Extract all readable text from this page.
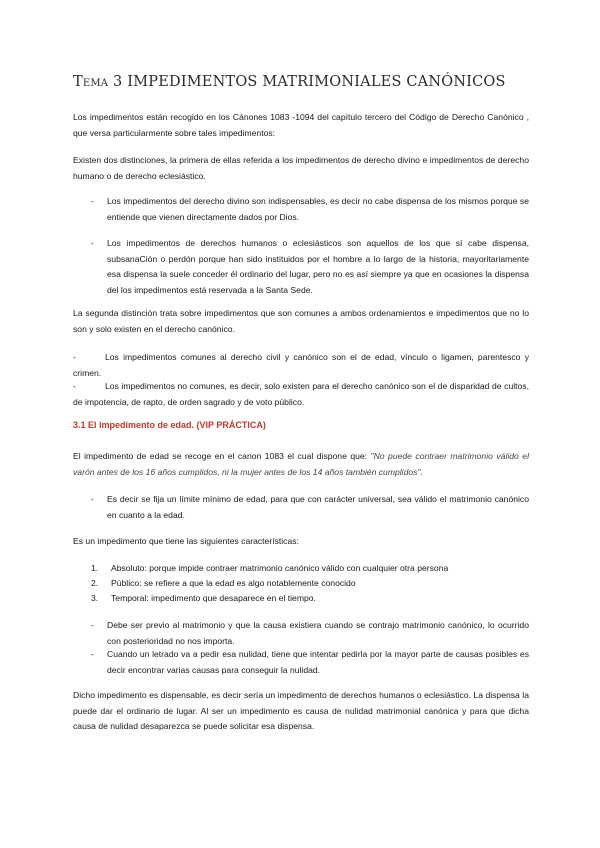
Tema 3 IMPEDIMENTOS MATRIMONIALES CANÓNICOS
Los impedimentos están recogido en los Cánones 1083 -1094 del capítulo tercero del Código de Derecho Canónico , que versa particularmente sobre tales impedimentos:
Existen dos distinciones, la primera de ellas referida a los impedimentos de derecho divino e impedimentos de derecho humano o de derecho eclesiástico.
-	Los impedimentos del derecho divino son indispensables, es decir no cabe dispensa de los mismos porque se entiende que vienen directamente dados por Dios.
-	Los impedimentos de derechos humanos o eclesiásticos son aquellos de los que sí cabe dispensa, subsanaCión o perdón porque han sido instituidos por el hombre a lo largo de la historia, mayoritariamente esa dispensa la suele conceder él ordinario del lugar, pero no es así siempre ya que en ocasiones la dispensa del los impedimentos está reservada a la Santa Sede.
La segunda distinción trata sobre impedimentos que son comunes a ambos ordenamientos e impedimentos que no lo son y solo existen en el derecho canónico.
-	Los impedimentos comunes al derecho civil y canónico son el de edad, vínculo o ligamen, parentesco y crimen.
-	Los impedimentos no comunes, es decir, solo existen para el derecho canónico son el de disparidad de cultos, de impotencia, de rapto, de orden sagrado y de voto público.
3.1 El impedimento de edad. (VIP PRÁCTICA)
El impedimento de edad se recoge en el canon 1083 el cual dispone que: "No puede contraer matrimonio válido el varón antes de los 16 años cumplidos, ni la mujer antes de los 14 años también cumplidos".
-	Es decir se fija un límite mínimo de edad, para que con carácter universal, sea válido el matrimonio canónico en cuanto a la edad.
Es un impedimento que tiene las siguientes características:
1. Absoluto: porque impide contraer matrimonio canónico válido con cualquier otra persona
2. Público: se refiere a que la edad es algo notablemente conocido
3. Temporal: impedimento que desaparece en el tiempo.
-	Debe ser previo al matrimonio y que la causa existiera cuando se contrajo matrimonio canónico, lo ocurrido con posterioridad no nos importa.
-	Cuando un letrado va a pedir esa nulidad, tiene que intentar pedirla por la mayor parte de causas posibles es decir encontrar varias causas para conseguir la nulidad.
Dicho impedimento es dispensable, es decir sería un impedimento de derechos humanos o eclesiástico. La dispensa la puede dar el ordinario de lugar. Al ser un impedimento es causa de nulidad matrimonial canónica y para que dicha causa de nulidad desaparezca se puede solicitar esa dispensa.
